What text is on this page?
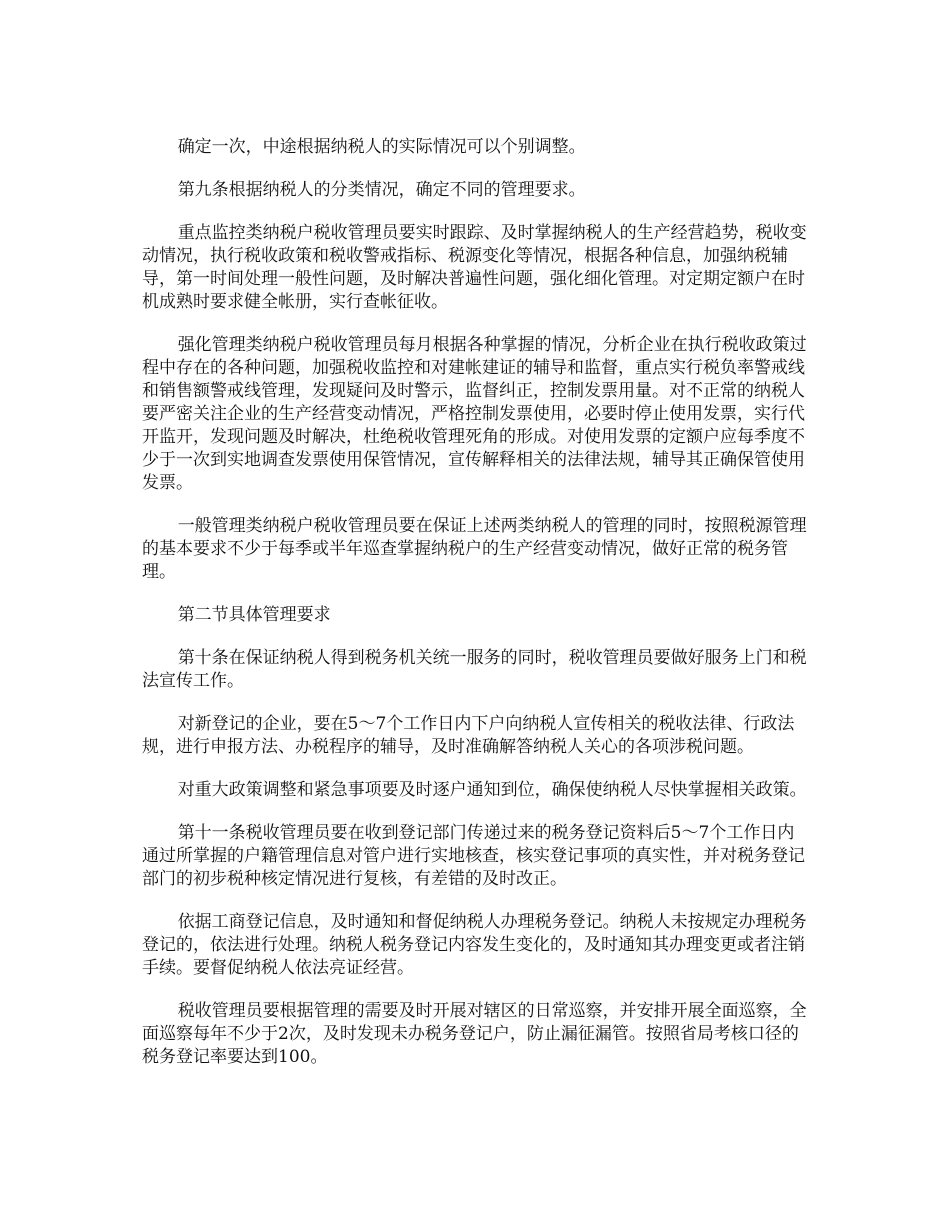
确定一次，中途根据纳税人的实际情况可以个别调整。

第九条根据纳税人的分类情况，确定不同的管理要求。

重点监控类纳税户税收管理员要实时跟踪、及时掌握纳税人的生产经营趋势，税收变动情况，执行税收政策和税收警戒指标、税源变化等情况，根据各种信息，加强纳税辅导，第一时间处理一般性问题，及时解决普遍性问题，强化细化管理。对定期定额户在时机成熟时要求健全帐册，实行查帐征收。

强化管理类纳税户税收管理员每月根据各种掌握的情况，分析企业在执行税收政策过程中存在的各种问题，加强税收监控和对建帐建证的辅导和监督，重点实行税负率警戒线和销售额警戒线管理，发现疑问及时警示，监督纠正，控制发票用量。对不正常的纳税人要严密关注企业的生产经营变动情况，严格控制发票使用，必要时停止使用发票，实行代开监开，发现问题及时解决，杜绝税收管理死角的形成。对使用发票的定额户应每季度不少于一次到实地调查发票使用保管情况，宣传解释相关的法律法规，辅导其正确保管使用发票。

一般管理类纳税户税收管理员要在保证上述两类纳税人的管理的同时，按照税源管理的基本要求不少于每季或半年巡查掌握纳税户的生产经营变动情况，做好正常的税务管理。

第二节具体管理要求

第十条在保证纳税人得到税务机关统一服务的同时，税收管理员要做好服务上门和税法宣传工作。

对新登记的企业，要在5～7个工作日内下户向纳税人宣传相关的税收法律、行政法规，进行申报方法、办税程序的辅导，及时准确解答纳税人关心的各项涉税问题。

对重大政策调整和紧急事项要及时逐户通知到位，确保使纳税人尽快掌握相关政策。

第十一条税收管理员要在收到登记部门传递过来的税务登记资料后5～7个工作日内通过所掌握的户籍管理信息对管户进行实地核查，核实登记事项的真实性，并对税务登记部门的初步税种核定情况进行复核，有差错的及时改正。

依据工商登记信息，及时通知和督促纳税人办理税务登记。纳税人未按规定办理税务登记的，依法进行处理。纳税人税务登记内容发生变化的，及时通知其办理变更或者注销手续。要督促纳税人依法亮证经营。

税收管理员要根据管理的需要及时开展对辖区的日常巡察，并安排开展全面巡察，全面巡察每年不少于2次，及时发现未办税务登记户，防止漏征漏管。按照省局考核口径的税务登记率要达到100。
